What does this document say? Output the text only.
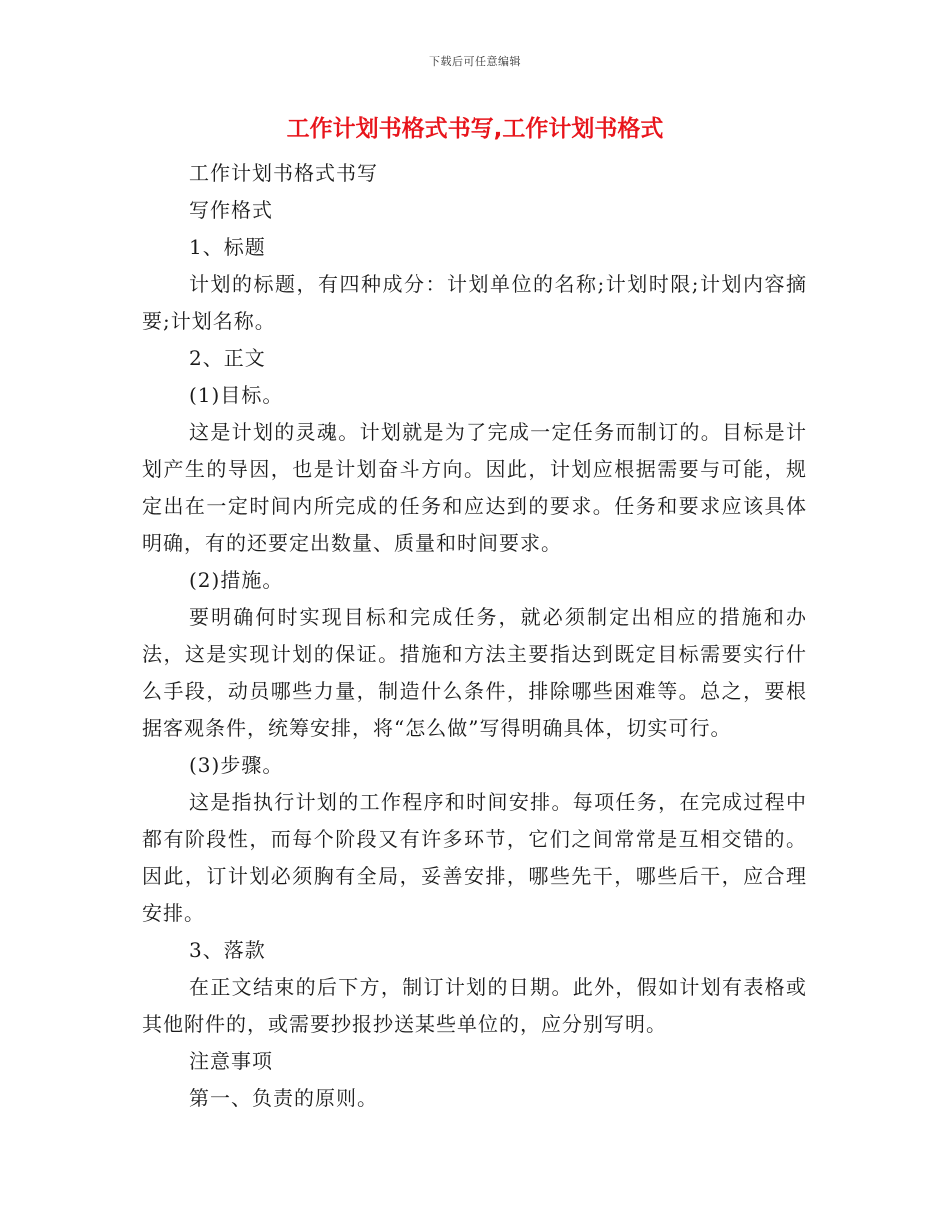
下载后可任意编辑
工作计划书格式书写,工作计划书格式

工作计划书格式书写

写作格式

1、标题

计划的标题，有四种成分：计划单位的名称;计划时限;计划内容摘要;计划名称。

2、正文

(1)目标。

这是计划的灵魂。计划就是为了完成一定任务而制订的。目标是计划产生的导因，也是计划奋斗方向。因此，计划应根据需要与可能，规定出在一定时间内所完成的任务和应达到的要求。任务和要求应该具体明确，有的还要定出数量、质量和时间要求。

(2)措施。

要明确何时实现目标和完成任务，就必须制定出相应的措施和办法，这是实现计划的保证。措施和方法主要指达到既定目标需要实行什么手段，动员哪些力量，制造什么条件，排除哪些困难等。总之，要根据客观条件，统筹安排，将“怎么做”写得明确具体，切实可行。

(3)步骤。

这是指执行计划的工作程序和时间安排。每项任务，在完成过程中都有阶段性，而每个阶段又有许多环节，它们之间常常是互相交错的。因此，订计划必须胸有全局，妥善安排，哪些先干，哪些后干，应合理安排。

3、落款

在正文结束的后下方，制订计划的日期。此外，假如计划有表格或其他附件的，或需要抄报抄送某些单位的，应分别写明。

注意事项

第一、负责的原则。
